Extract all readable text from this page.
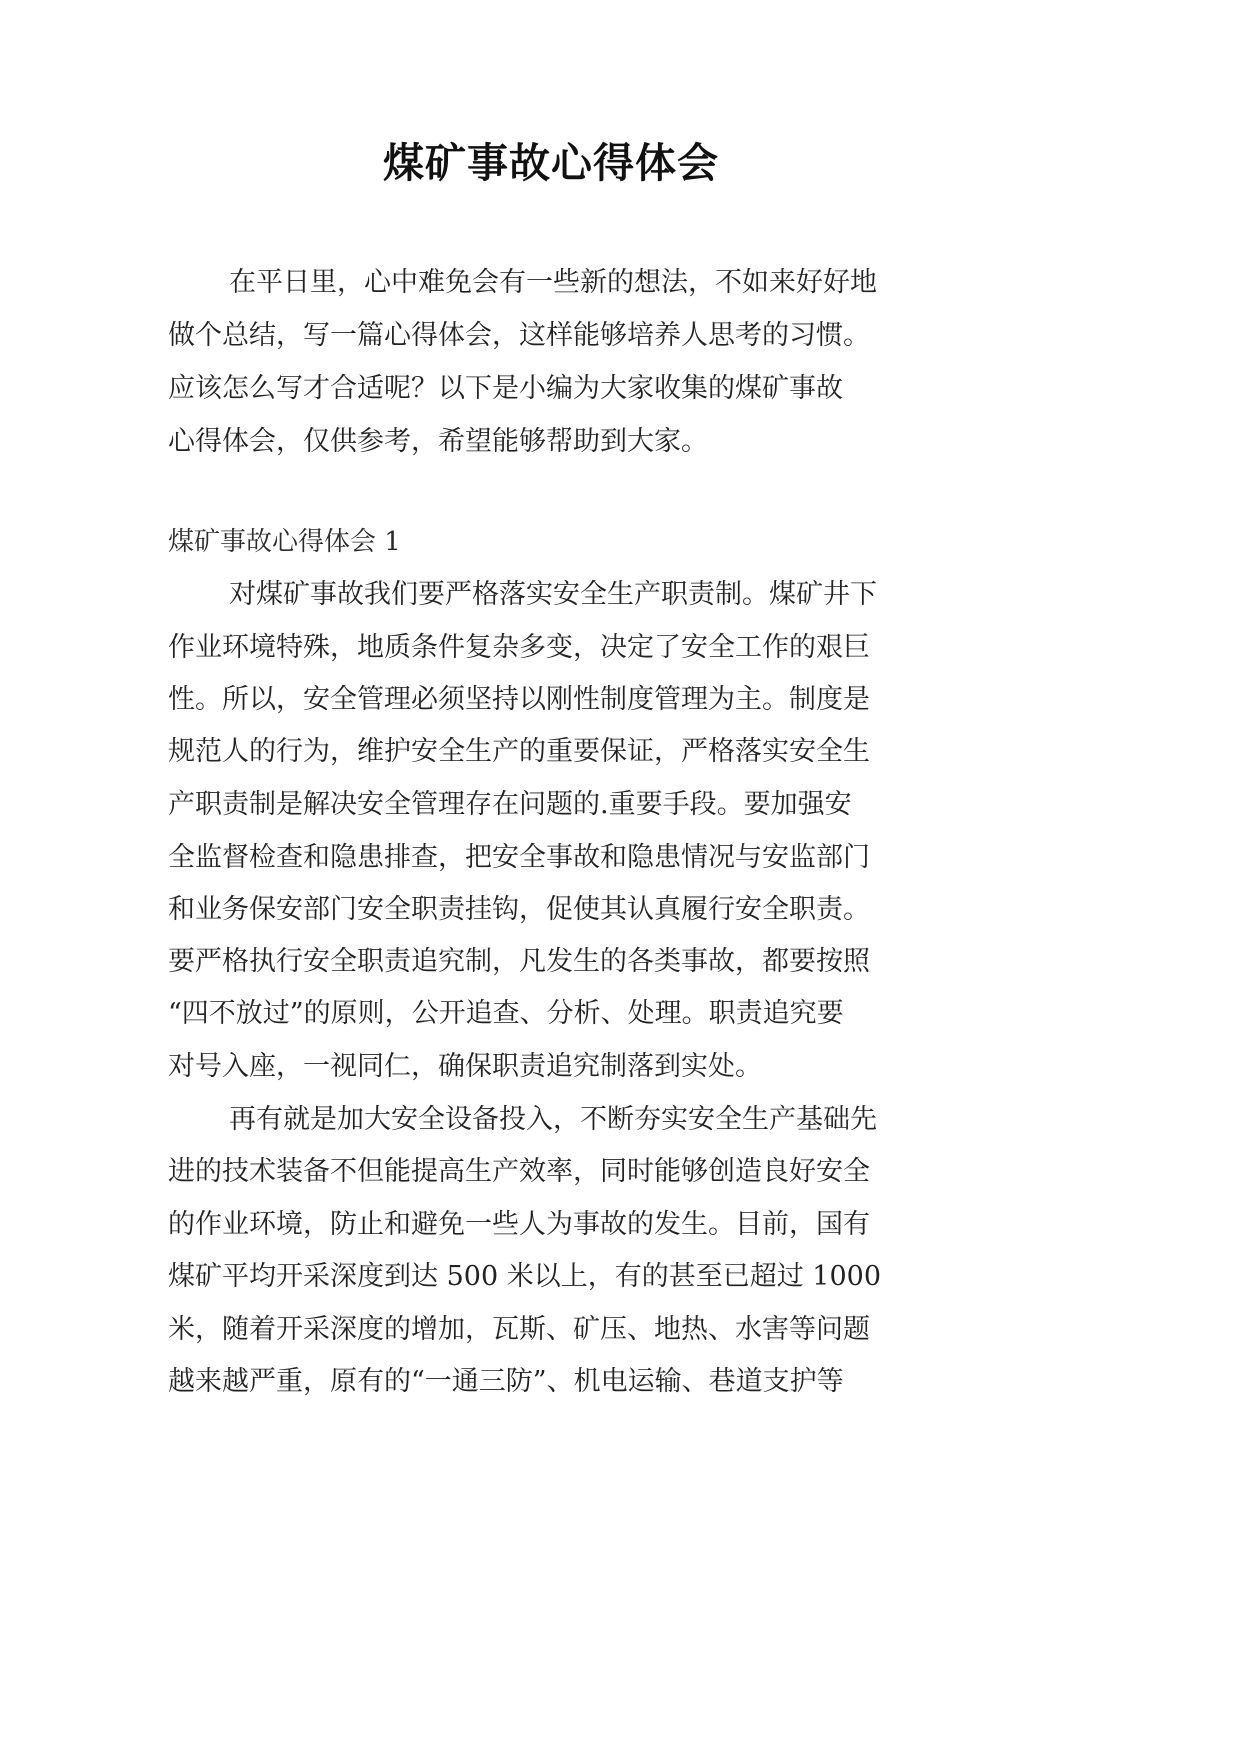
煤矿事故心得体会
在平日里，心中难免会有一些新的想法，不如来好好地
做个总结，写一篇心得体会，这样能够培养人思考的习惯。
应该怎么写才合适呢？以下是小编为大家收集的煤矿事故
心得体会，仅供参考，希望能够帮助到大家。
煤矿事故心得体会 1
对煤矿事故我们要严格落实安全生产职责制。煤矿井下
作业环境特殊，地质条件复杂多变，决定了安全工作的艰巨
性。所以，安全管理必须坚持以刚性制度管理为主。制度是
规范人的行为，维护安全生产的重要保证，严格落实安全生
产职责制是解决安全管理存在问题的.重要手段。要加强安
全监督检查和隐患排查，把安全事故和隐患情况与安监部门
和业务保安部门安全职责挂钩，促使其认真履行安全职责。
要严格执行安全职责追究制，凡发生的各类事故，都要按照
“四不放过”的原则，公开追查、分析、处理。职责追究要
对号入座，一视同仁，确保职责追究制落到实处。
再有就是加大安全设备投入，不断夯实安全生产基础先
进的技术装备不但能提高生产效率，同时能够创造良好安全
的作业环境，防止和避免一些人为事故的发生。目前，国有
煤矿平均开采深度到达 500 米以上，有的甚至已超过 1000
米，随着开采深度的增加，瓦斯、矿压、地热、水害等问题
越来越严重，原有的“一通三防”、机电运输、巷道支护等
